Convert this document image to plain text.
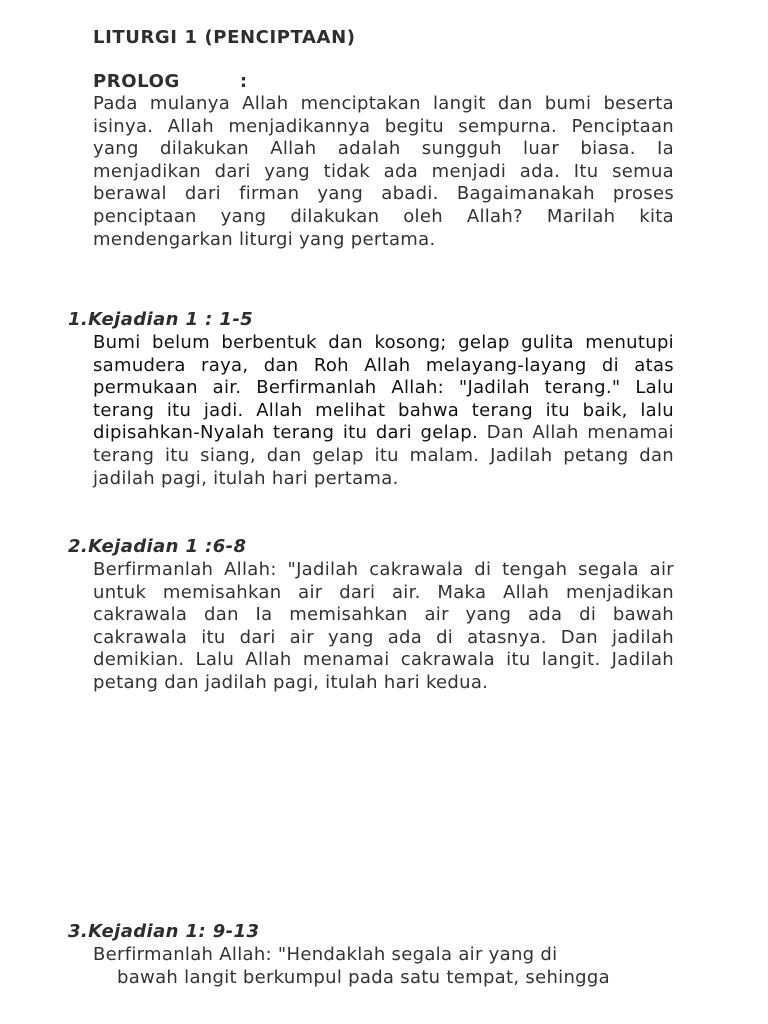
LITURGI 1 (PENCIPTAAN)
PROLOG	:
Pada mulanya Allah menciptakan langit dan bumi beserta isinya. Allah menjadikannya begitu sempurna. Penciptaan yang dilakukan Allah adalah sungguh luar biasa. Ia menjadikan dari yang tidak ada menjadi ada. Itu semua berawal dari firman yang abadi. Bagaimanakah proses penciptaan yang dilakukan oleh Allah? Marilah kita mendengarkan liturgi yang pertama.
1.Kejadian 1 : 1-5
Bumi belum berbentuk dan kosong; gelap gulita menutupi samudera raya, dan Roh Allah melayang-layang di atas permukaan air. Berfirmanlah Allah: "Jadilah terang." Lalu terang itu jadi. Allah melihat bahwa terang itu baik, lalu dipisahkan-Nyalah terang itu dari gelap. Dan Allah menamai terang itu siang, dan gelap itu malam. Jadilah petang dan jadilah pagi, itulah hari pertama.
2.Kejadian 1 :6-8
Berfirmanlah Allah: "Jadilah cakrawala di tengah segala air untuk memisahkan air dari air. Maka Allah menjadikan cakrawala dan Ia memisahkan air yang ada di bawah cakrawala itu dari air yang ada di atasnya. Dan jadilah demikian. Lalu Allah menamai cakrawala itu langit. Jadilah petang dan jadilah pagi, itulah hari kedua.
3.Kejadian 1: 9-13
Berfirmanlah Allah: "Hendaklah segala air yang di
bawah langit berkumpul pada satu tempat, sehingga
